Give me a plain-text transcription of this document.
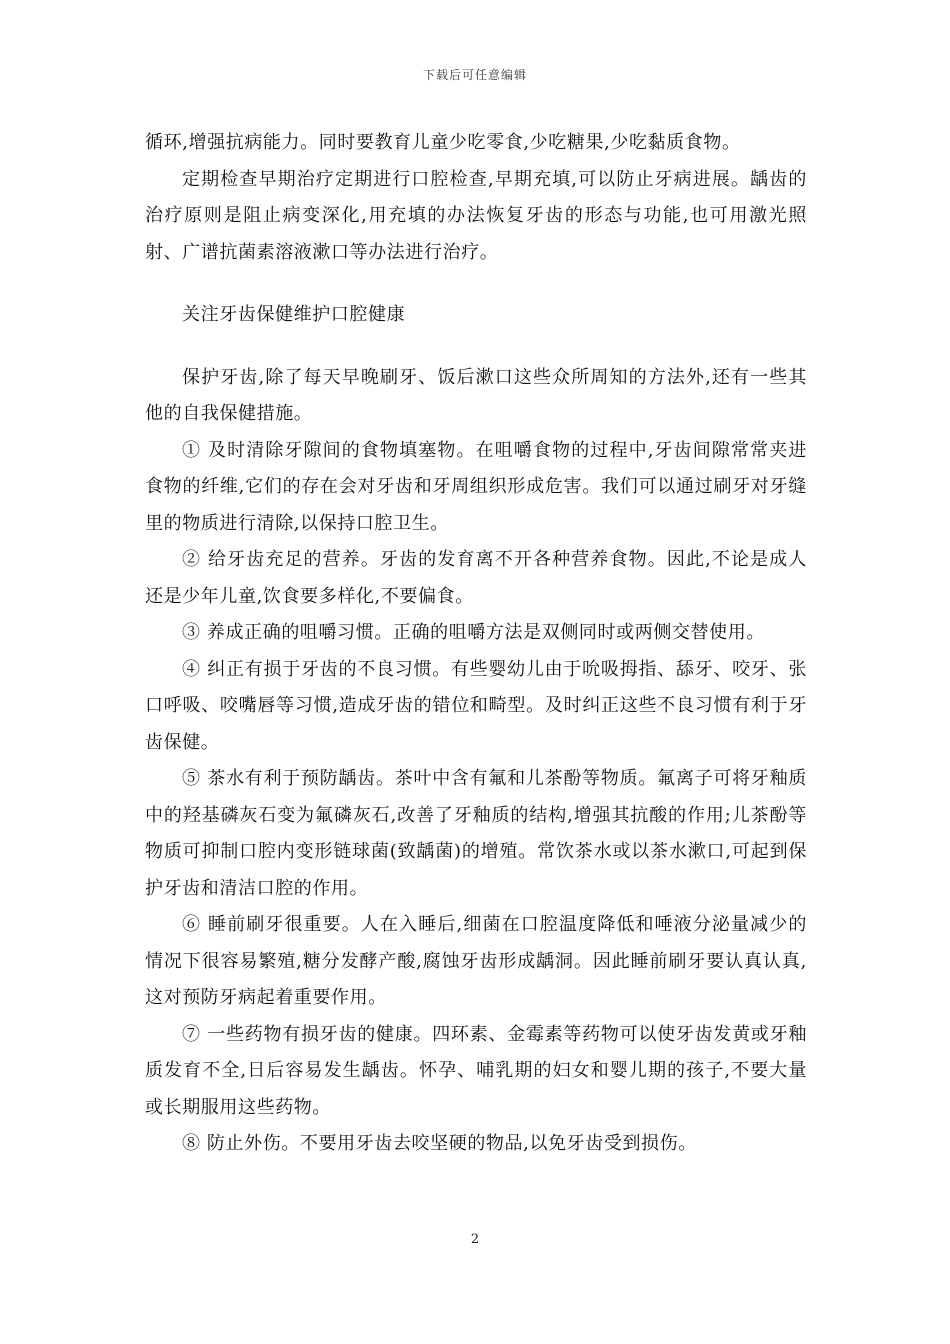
下载后可任意编辑

循环,增强抗病能力。同时要教育儿童少吃零食,少吃糖果,少吃黏质食物。

定期检查早期治疗定期进行口腔检查,早期充填,可以防止牙病进展。龋齿的治疗原则是阻止病变深化,用充填的办法恢复牙齿的形态与功能,也可用激光照射、广谱抗菌素溶液漱口等办法进行治疗。

关注牙齿保健维护口腔健康

保护牙齿,除了每天早晚刷牙、饭后漱口这些众所周知的方法外,还有一些其他的自我保健措施。

① 及时清除牙隙间的食物填塞物。在咀嚼食物的过程中,牙齿间隙常常夹进食物的纤维,它们的存在会对牙齿和牙周组织形成危害。我们可以通过刷牙对牙缝里的物质进行清除,以保持口腔卫生。

② 给牙齿充足的营养。牙齿的发育离不开各种营养食物。因此,不论是成人还是少年儿童,饮食要多样化,不要偏食。

③ 养成正确的咀嚼习惯。正确的咀嚼方法是双侧同时或两侧交替使用。

④ 纠正有损于牙齿的不良习惯。有些婴幼儿由于吮吸拇指、舔牙、咬牙、张口呼吸、咬嘴唇等习惯,造成牙齿的错位和畸型。及时纠正这些不良习惯有利于牙齿保健。

⑤ 茶水有利于预防龋齿。茶叶中含有氟和儿茶酚等物质。氟离子可将牙釉质中的羟基磷灰石变为氟磷灰石,改善了牙釉质的结构,增强其抗酸的作用;儿茶酚等物质可抑制口腔内变形链球菌(致龋菌)的增殖。常饮茶水或以茶水漱口,可起到保护牙齿和清洁口腔的作用。

⑥ 睡前刷牙很重要。人在入睡后,细菌在口腔温度降低和唾液分泌量减少的情况下很容易繁殖,糖分发酵产酸,腐蚀牙齿形成龋洞。因此睡前刷牙要认真认真,这对预防牙病起着重要作用。

⑦ 一些药物有损牙齿的健康。四环素、金霉素等药物可以使牙齿发黄或牙釉质发育不全,日后容易发生龋齿。怀孕、哺乳期的妇女和婴儿期的孩子,不要大量或长期服用这些药物。

⑧ 防止外伤。不要用牙齿去咬坚硬的物品,以免牙齿受到损伤。

2
